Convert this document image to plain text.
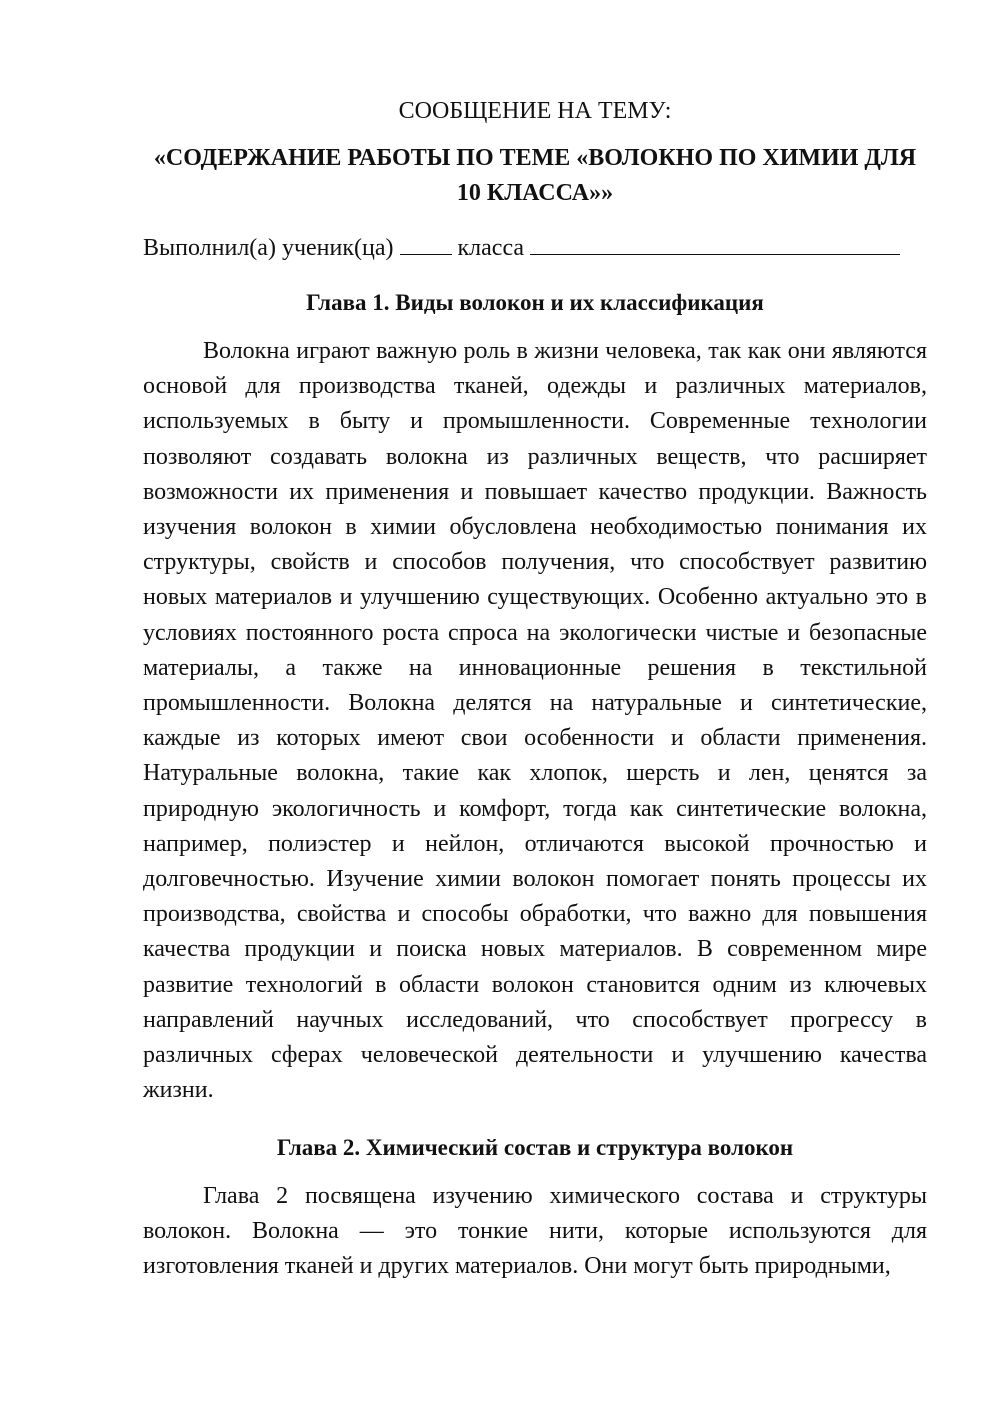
СООБЩЕНИЕ НА ТЕМУ:
«СОДЕРЖАНИЕ РАБОТЫ ПО ТЕМЕ «ВОЛОКНО ПО ХИМИИ ДЛЯ
10 КЛАССА»»
Выполнил(а) ученик(ца)	класса
Глава 1. Виды волокон и их классификация

Волокна играют важную роль в жизни человека, так как они являются основой для производства тканей, одежды и различных материалов, используемых в быту и промышленности. Современные технологии позволяют создавать волокна из различных веществ, что расширяет возможности их применения и повышает качество продукции. Важность изучения волокон в химии обусловлена необходимостью понимания их структуры, свойств и способов получения, что способствует развитию новых материалов и улучшению существующих. Особенно актуально это в условиях постоянного роста спроса на экологически чистые и безопасные материалы, а также на инновационные решения в текстильной промышленности. Волокна делятся на натуральные и синтетические, каждые из которых имеют свои особенности и области применения. Натуральные волокна, такие как хлопок, шерсть и лен, ценятся за природную экологичность и комфорт, тогда как синтетические волокна, например, полиэстер и нейлон, отличаются высокой прочностью и долговечностью. Изучение химии волокон помогает понять процессы их производства, свойства и способы обработки, что важно для повышения качества продукции и поиска новых материалов. В современном мире развитие технологий в области волокон становится одним из ключевых направлений научных исследований, что способствует прогрессу в различных сферах человеческой деятельности и улучшению качества жизни.

Глава 2. Химический состав и структура волокон

Глава 2 посвящена изучению химического состава и структуры волокон. Волокна — это тонкие нити, которые используются для изготовления тканей и других материалов. Они могут быть природными,
